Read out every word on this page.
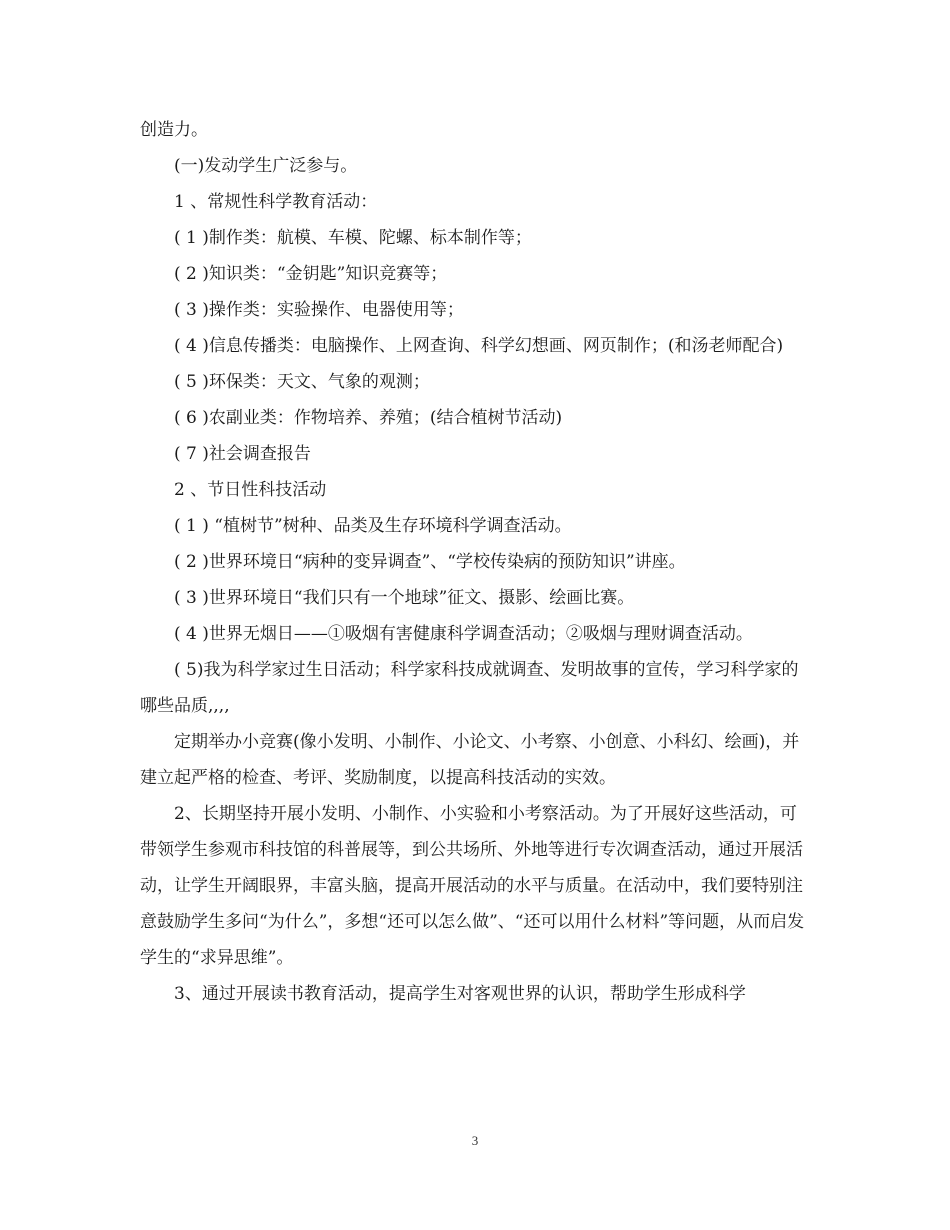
创造力。

(一)发动学生广泛参与。

1 、常规性科学教育活动：

( 1 )制作类：航模、车模、陀螺、标本制作等；

( 2 )知识类：“金钥匙”知识竞赛等；

( 3 )操作类：实验操作、电器使用等；

( 4 )信息传播类：电脑操作、上网查询、科学幻想画、网页制作；(和汤老师配合)

( 5 )环保类：天文、气象的观测；

( 6 )农副业类：作物培养、养殖；(结合植树节活动)

( 7 )社会调查报告

2 、节日性科技活动

( 1 ) “植树节”树种、品类及生存环境科学调查活动。

( 2 )世界环境日“病种的变异调查”、“学校传染病的预防知识”讲座。

( 3 )世界环境日“我们只有一个地球”征文、摄影、绘画比赛。

( 4 )世界无烟日——①吸烟有害健康科学调查活动；②吸烟与理财调查活动。

( 5)我为科学家过生日活动；科学家科技成就调查、发明故事的宣传，学习科学家的哪些品质,,,,

定期举办小竞赛(像小发明、小制作、小论文、小考察、小创意、小科幻、绘画)，并建立起严格的检查、考评、奖励制度，以提高科技活动的实效。

2、长期坚持开展小发明、小制作、小实验和小考察活动。为了开展好这些活动，可带领学生参观市科技馆的科普展等，到公共场所、外地等进行专次调查活动，通过开展活动，让学生开阔眼界，丰富头脑，提高开展活动的水平与质量。在活动中，我们要特别注意鼓励学生多问“为什么”，多想“还可以怎么做”、“还可以用什么材料”等问题，从而启发学生的“求异思维”。

3、通过开展读书教育活动，提高学生对客观世界的认识，帮助学生形成科学

3
